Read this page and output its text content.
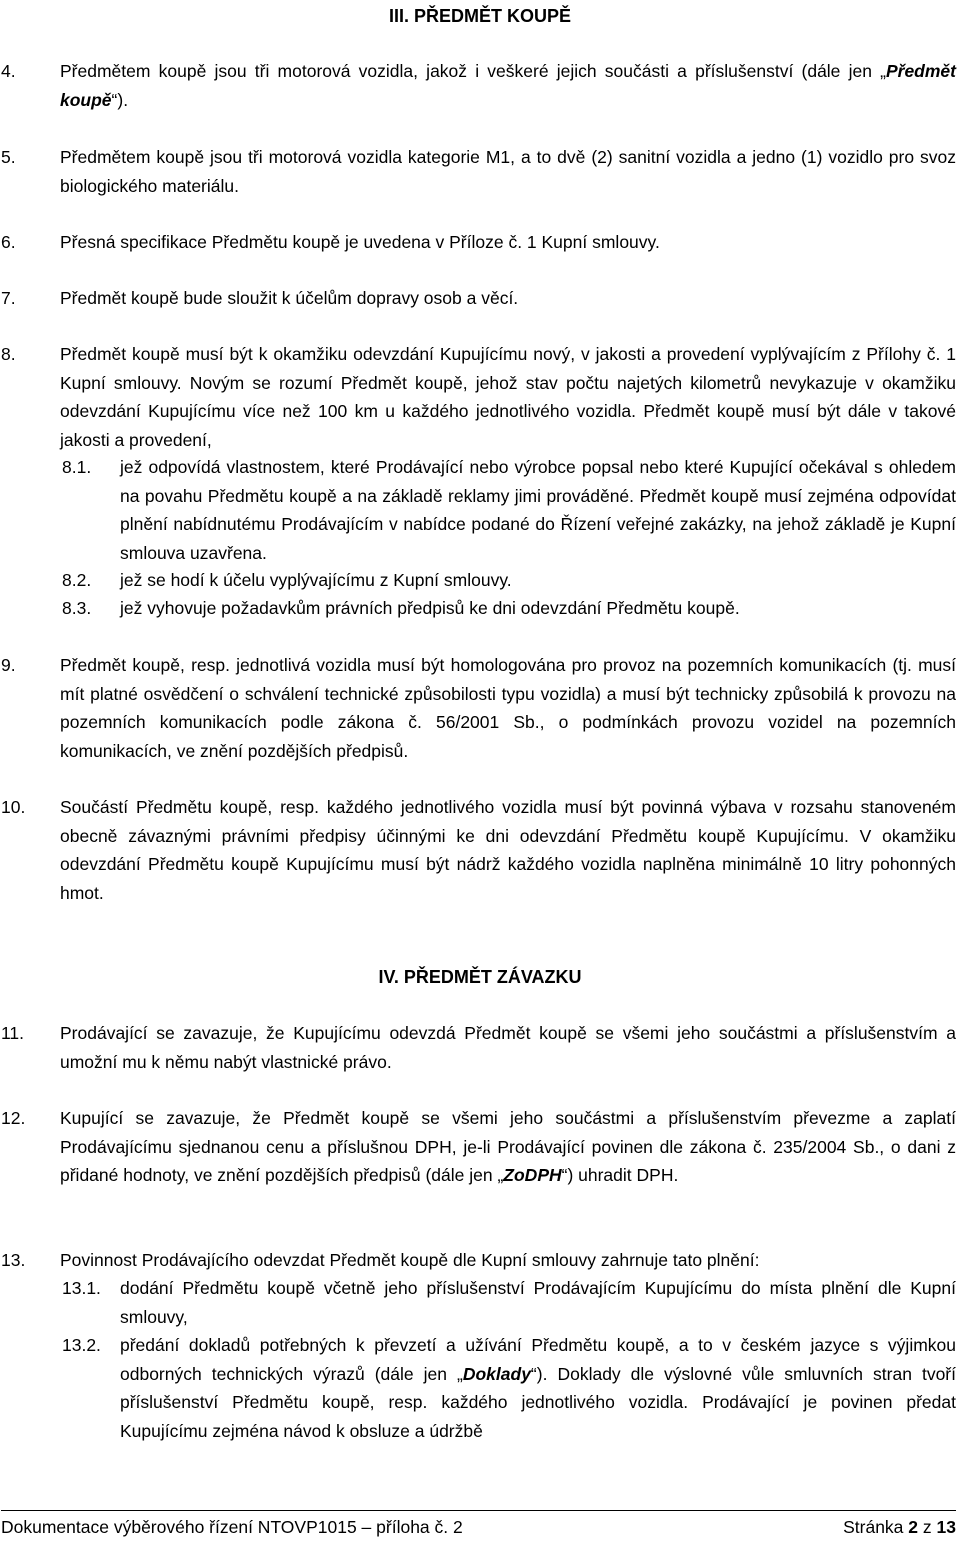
III. PŘEDMĚT KOUPĚ
4.	Předmětem koupě jsou tři motorová vozidla, jakož i veškeré jejich součásti a příslušenství (dále jen „Předmět koupě“).
5.	Předmětem koupě jsou tři motorová vozidla kategorie M1, a to dvě (2) sanitní vozidla a jedno (1) vozidlo pro svoz biologického materiálu.
6.	Přesná specifikace Předmětu koupě je uvedena v Příloze č. 1 Kupní smlouvy.
7.	Předmět koupě bude sloužit k účelům dopravy osob a věcí.
8.	Předmět koupě musí být k okamžiku odevzdání Kupujícímu nový, v jakosti a provedení vyplývajícím z Přílohy č. 1 Kupní smlouvy. Novým se rozumí Předmět koupě, jehož stav počtu najetých kilometrů nevykazuje v okamžiku odevzdání Kupujícímu více než 100 km u každého jednotlivého vozidla. Předmět koupě musí být dále v takové jakosti a provedení,
8.1. jež odpovídá vlastnostem, které Prodávající nebo výrobce popsal nebo které Kupující očekával s ohledem na povahu Předmětu koupě a na základě reklamy jimi prováděné. Předmět koupě musí zejména odpovídat plnění nabídnutému Prodávajícím v nabídce podané do Řízení veřejné zakázky, na jehož základě je Kupní smlouva uzavřena.
8.2. jež se hodí k účelu vyplývajícímu z Kupní smlouvy.
8.3. jež vyhovuje požadavkům právních předpisů ke dni odevzdání Předmětu koupě.
9.	Předmět koupě, resp. jednotlivá vozidla musí být homologována pro provoz na pozemních komunikacích (tj. musí mít platné osvědčení o schválení technické způsobilosti typu vozidla) a musí být technicky způsobilá k provozu na pozemních komunikacích podle zákona č. 56/2001 Sb., o podmínkách provozu vozidel na pozemních komunikacích, ve znění pozdějších předpisů.
10. Součástí Předmětu koupě, resp. každého jednotlivého vozidla musí být povinná výbava v rozsahu stanoveném obecně závaznými právními předpisy účinnými ke dni odevzdání Předmětu koupě Kupujícímu. V okamžiku odevzdání Předmětu koupě Kupujícímu musí být nádrž každého vozidla naplněna minimálně 10 litry pohonných hmot.
IV. PŘEDMĚT ZÁVAZKU
11. Prodávající se zavazuje, že Kupujícímu odevzdá Předmět koupě se všemi jeho součástmi a příslušenstvím a umožní mu k němu nabýt vlastnické právo.
12. Kupující se zavazuje, že Předmět koupě se všemi jeho součástmi a příslušenstvím převezme a zaplatí Prodávajícímu sjednanou cenu a příslušnou DPH, je-li Prodávající povinen dle zákona č. 235/2004 Sb., o dani z přidané hodnoty, ve znění pozdějších předpisů (dále jen „ZoDPH“) uhradit DPH.
13. Povinnost Prodávajícího odevzdat Předmět koupě dle Kupní smlouvy zahrnuje tato plnění:
13.1. dodání Předmětu koupě včetně jeho příslušenství Prodávajícím Kupujícímu do místa plnění dle Kupní smlouvy,
13.2. předání dokladů potřebných k převzetí a užívání Předmětu koupě, a to v českém jazyce s výjimkou odborných technických výrazů (dále jen „Doklady“). Doklady dle výslovné vůle smluvních stran tvoří příslušenství Předmětu koupě, resp. každého jednotlivého vozidla. Prodávající je povinen předat Kupujícímu zejména návod k obsluze a údržbě
Dokumentace výběrového řízení NTOVP1015 – příloha č. 2	Stránka 2 z 13
